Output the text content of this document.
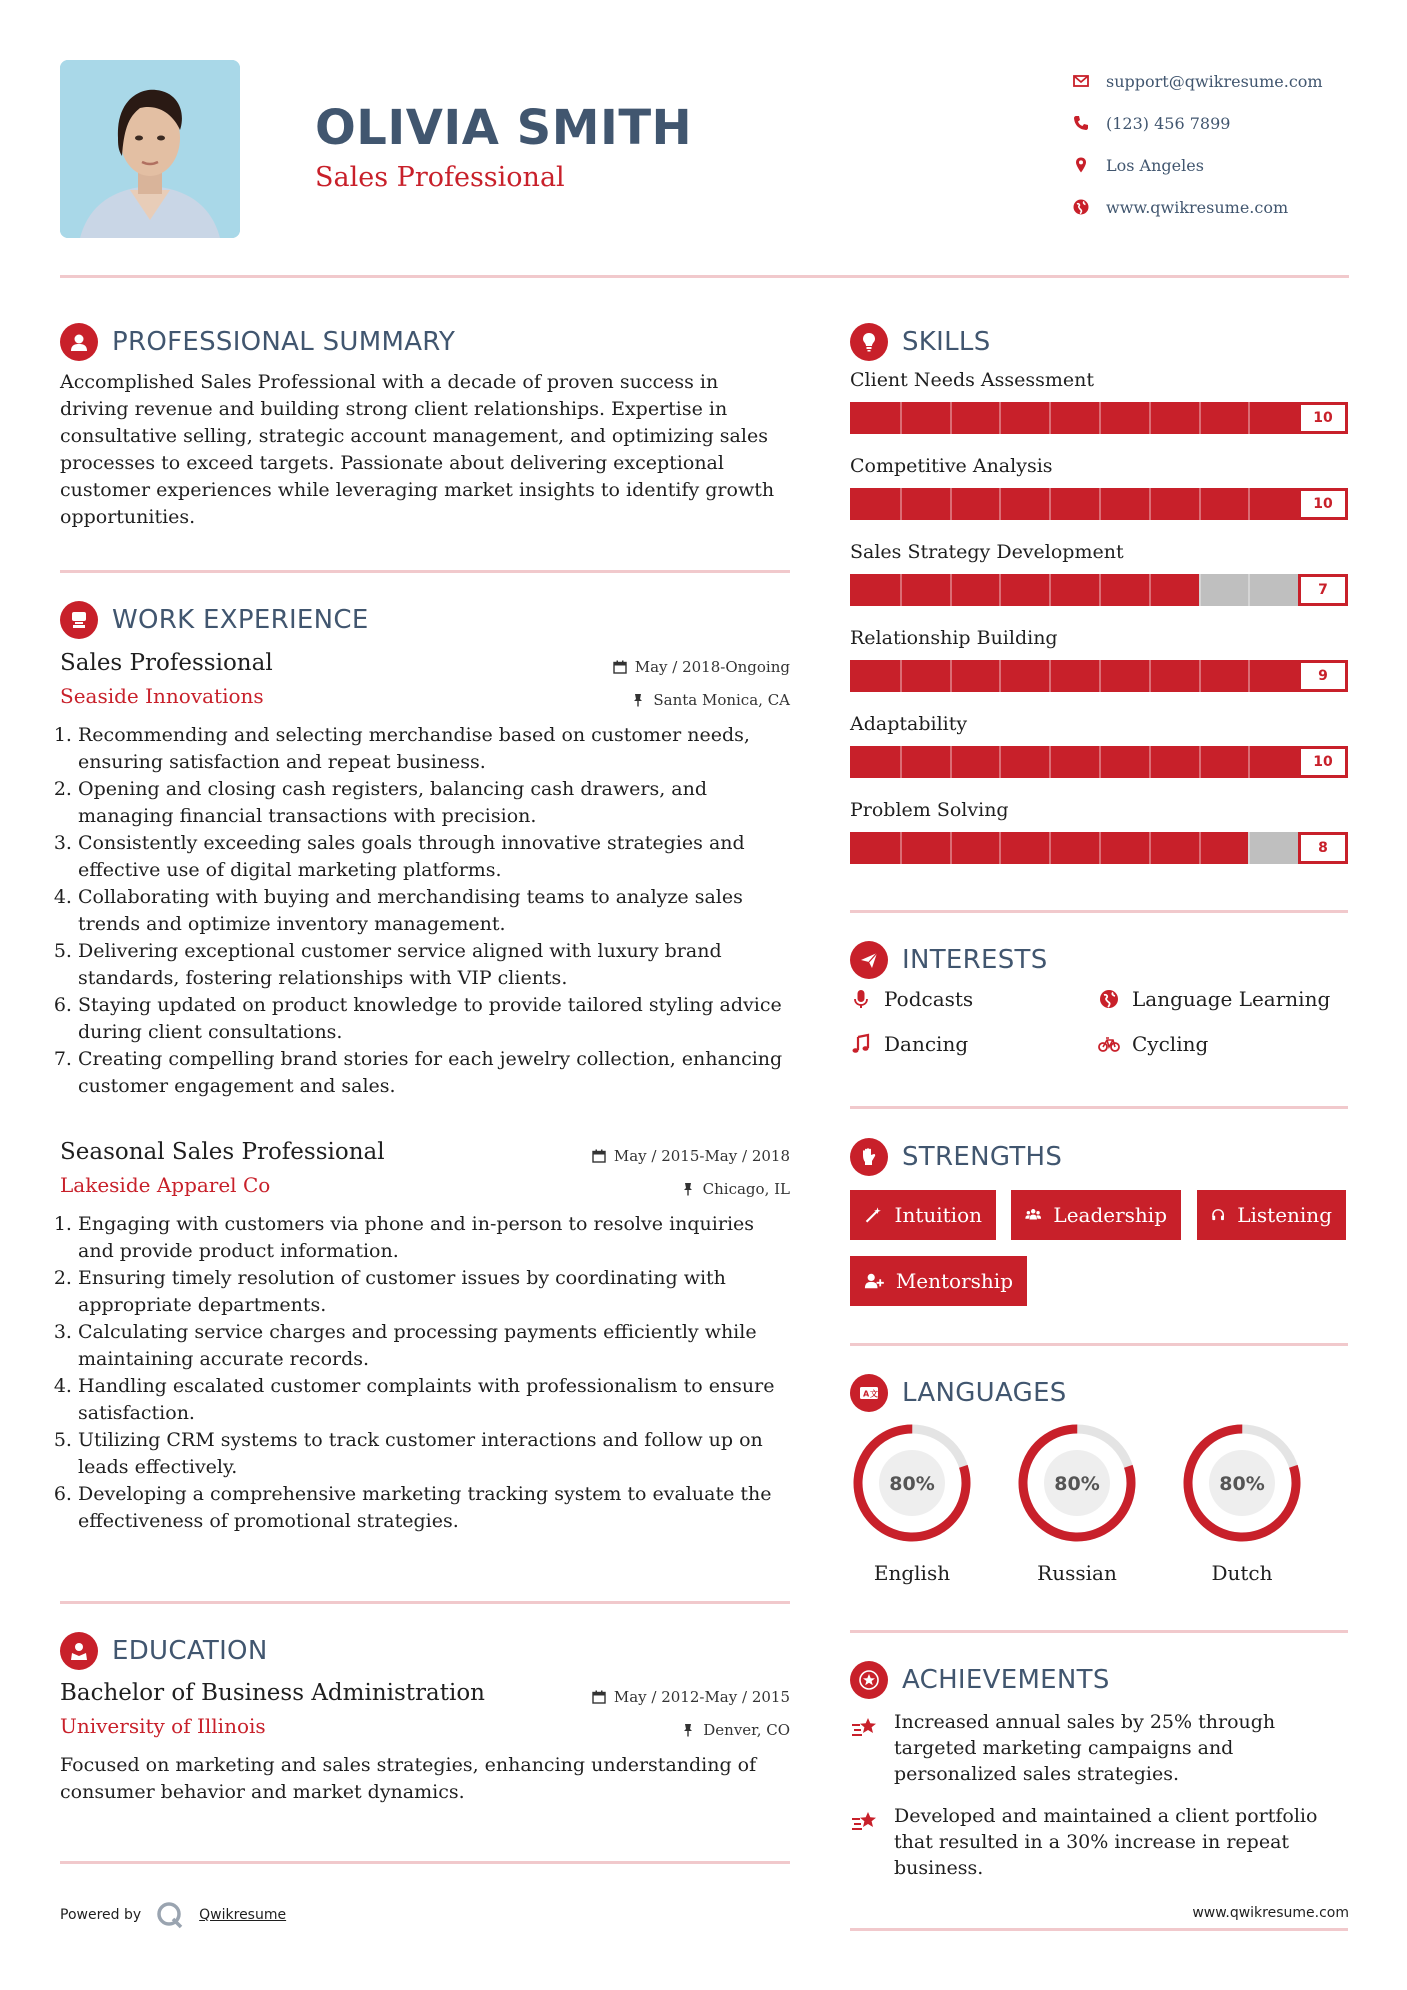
OLIVIA SMITH
Sales Professional
support@qwikresume.com
(123) 456 7899
Los Angeles
www.qwikresume.com
PROFESSIONAL SUMMARY
Accomplished Sales Professional with a decade of proven success in driving revenue and building strong client relationships. Expertise in consultative selling, strategic account management, and optimizing sales processes to exceed targets. Passionate about delivering exceptional customer experiences while leveraging market insights to identify growth opportunities.
WORK EXPERIENCE
Sales Professional
Seaside Innovations
May / 2018-Ongoing
Santa Monica, CA
1. Recommending and selecting merchandise based on customer needs, ensuring satisfaction and repeat business.
2. Opening and closing cash registers, balancing cash drawers, and managing financial transactions with precision.
3. Consistently exceeding sales goals through innovative strategies and effective use of digital marketing platforms.
4. Collaborating with buying and merchandising teams to analyze sales trends and optimize inventory management.
5. Delivering exceptional customer service aligned with luxury brand standards, fostering relationships with VIP clients.
6. Staying updated on product knowledge to provide tailored styling advice during client consultations.
7. Creating compelling brand stories for each jewelry collection, enhancing customer engagement and sales.
Seasonal Sales Professional
Lakeside Apparel Co
May / 2015-May / 2018
Chicago, IL
1. Engaging with customers via phone and in-person to resolve inquiries and provide product information.
2. Ensuring timely resolution of customer issues by coordinating with appropriate departments.
3. Calculating service charges and processing payments efficiently while maintaining accurate records.
4. Handling escalated customer complaints with professionalism to ensure satisfaction.
5. Utilizing CRM systems to track customer interactions and follow up on leads effectively.
6. Developing a comprehensive marketing tracking system to evaluate the effectiveness of promotional strategies.
EDUCATION
Bachelor of Business Administration
University of Illinois
May / 2012-May / 2015
Denver, CO
Focused on marketing and sales strategies, enhancing understanding of consumer behavior and market dynamics.
SKILLS
Client Needs Assessment
10
Competitive Analysis
10
Sales Strategy Development
7
Relationship Building
9
Adaptability
10
Problem Solving
8
INTERESTS
Podcasts	Language Learning
Dancing	Cycling
STRENGTHS
Intuition	Leadership	Listening
Mentorship
A 文 LANGUAGES
80%
English
80%
Russian
80%
Dutch
ACHIEVEMENTS
Increased annual sales by 25% through targeted marketing campaigns and personalized sales strategies.
Developed and maintained a client portfolio that resulted in a 30% increase in repeat business.
Powered by	Qwikresume	www.qwikresume.com
